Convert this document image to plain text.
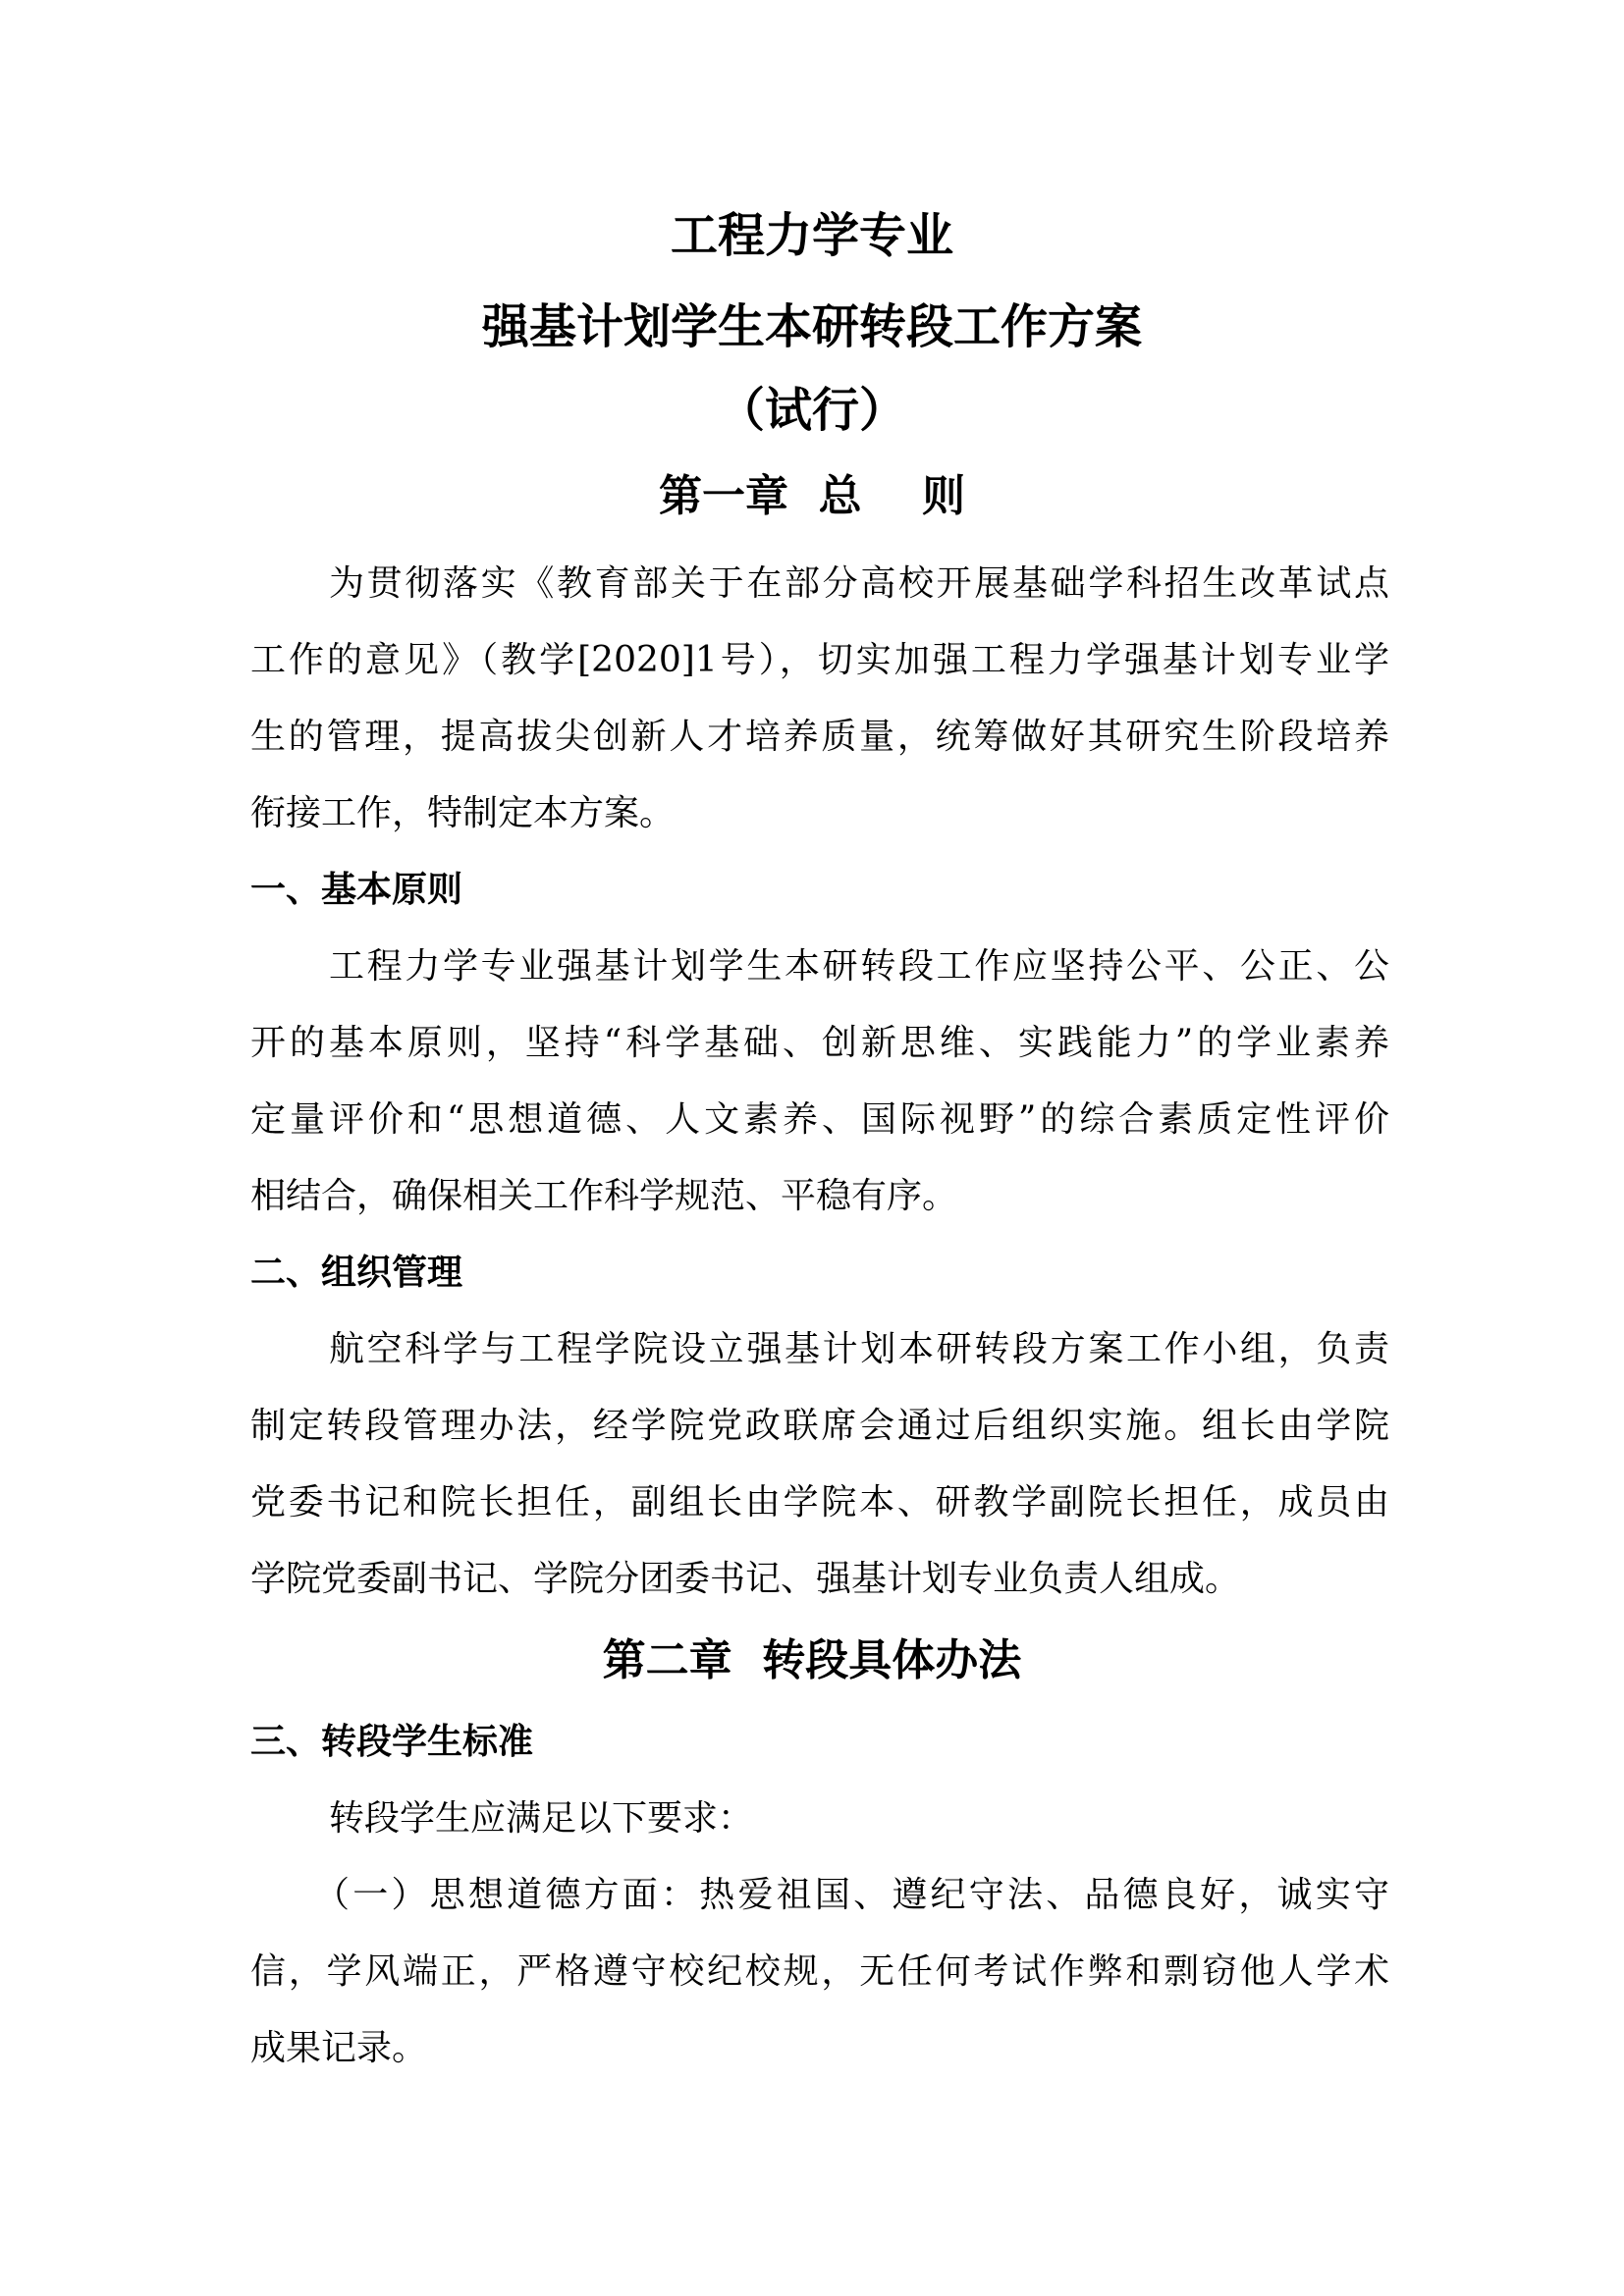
工程力学专业
强基计划学生本研转段工作方案
（试行）
第一章  总    则
为贯彻落实《教育部关于在部分高校开展基础学科招生改革试点
工作的意见》（教学[2020]1号），切实加强工程力学强基计划专业学
生的管理，提高拔尖创新人才培养质量，统筹做好其研究生阶段培养
衔接工作，特制定本方案。
一、基本原则
工程力学专业强基计划学生本研转段工作应坚持公平、公正、公
开的基本原则，坚持“科学基础、创新思维、实践能力”的学业素养
定量评价和“思想道德、人文素养、国际视野”的综合素质定性评价
相结合，确保相关工作科学规范、平稳有序。
二、组织管理
航空科学与工程学院设立强基计划本研转段方案工作小组，负责
制定转段管理办法，经学院党政联席会通过后组织实施。组长由学院
党委书记和院长担任，副组长由学院本、研教学副院长担任，成员由
学院党委副书记、学院分团委书记、强基计划专业负责人组成。
第二章  转段具体办法
三、转段学生标准
转段学生应满足以下要求：
（一）思想道德方面：热爱祖国、遵纪守法、品德良好，诚实守
信，学风端正，严格遵守校纪校规，无任何考试作弊和剽窃他人学术
成果记录。
